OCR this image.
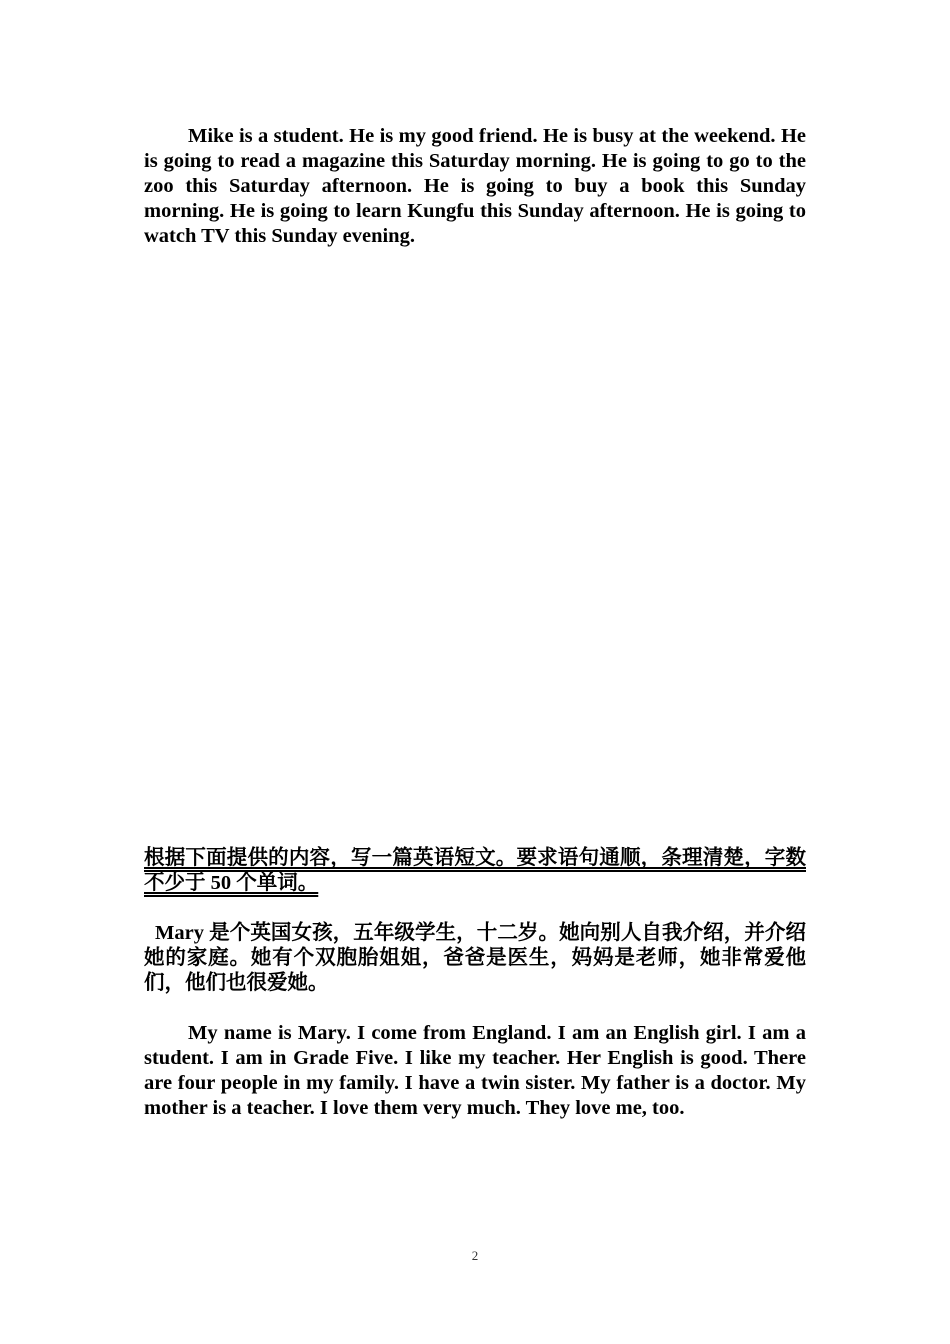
Mike is a student. He is my good friend. He is busy at the weekend. He is going to read a magazine this Saturday morning. He is going to go to the zoo this Saturday afternoon. He is going to buy a book this Sunday morning. He is going to learn Kungfu this Sunday afternoon. He is going to watch TV this Sunday evening.

根据下面提供的内容，写一篇英语短文。要求语句通顺，条理清楚，字数不少于 50 个单词。

Mary 是个英国女孩，五年级学生，十二岁。她向别人自我介绍，并介绍她的家庭。她有个双胞胎姐姐，爸爸是医生，妈妈是老师，她非常爱他们，他们也很爱她。

My name is Mary. I come from England. I am an English girl. I am a student. I am in Grade Five. I like my teacher. Her English is good. There are four people in my family. I have a twin sister. My father is a doctor. My mother is a teacher. I love them very much. They love me, too.

2
